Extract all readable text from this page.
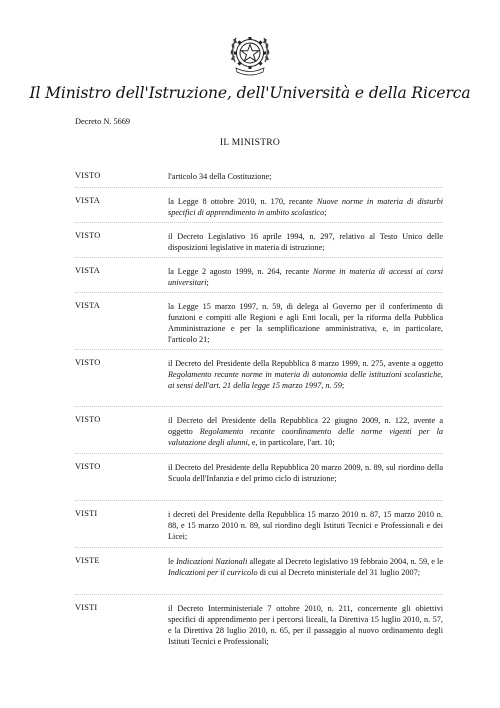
Il Ministro dell'Istruzione, dell'Università e della Ricerca
Decreto N. 5669
IL MINISTRO
VISTO	l'articolo 34 della Costituzione;
VISTA	la Legge 8 ottobre 2010, n. 170, recante Nuove norme in materia di disturbi specifici di apprendimento in ambito scolastico;
VISTO	il Decreto Legislativo 16 aprile 1994, n. 297, relativo al Testo Unico delle disposizioni legislative in materia di istruzione;
VISTA	la Legge 2 agosto 1999, n. 264, recante Norme in materia di accessi ai corsi universitari;
VISTA	la Legge 15 marzo 1997, n. 59, di delega al Governo per il conferimento di funzioni e compiti alle Regioni e agli Enti locali, per la riforma della Pubblica Amministrazione e per la semplificazione amministrativa, e, in particolare, l'articolo 21;
VISTO	il Decreto del Presidente della Repubblica 8 marzo 1999, n. 275, avente a oggetto Regolamento recante norme in materia di autonomia delle istituzioni scolastiche, ai sensi dell'art. 21 della legge 15 marzo 1997, n. 59;
VISTO	il Decreto del Presidente della Repubblica 22 giugno 2009, n. 122, avente a oggetto Regolamento recante coordinamento delle norme vigenti per la valutazione degli alunni, e, in particolare, l'art. 10;
VISTO	il Decreto del Presidente della Repubblica 20 marzo 2009, n. 89, sul riordino della Scuola dell'Infanzia e del primo ciclo di istruzione;
VISTI	i decreti del Presidente della Repubblica 15 marzo 2010 n. 87, 15 marzo 2010 n. 88, e 15 marzo 2010 n. 89, sul riordino degli Istituti Tecnici e Professionali e dei Licei;
VISTE	le Indicazioni Nazionali allegate al Decreto legislativo 19 febbraio 2004, n. 59, e le Indicazioni per il curricolo di cui al Decreto ministeriale del 31 luglio 2007;
VISTI	il Decreto Interministeriale 7 ottobre 2010, n. 211, concernente gli obiettivi specifici di apprendimento per i percorsi liceali, la Direttiva 15 luglio 2010, n. 57, e la Direttiva 28 luglio 2010, n. 65, per il passaggio al nuovo ordinamento degli Istituti Tecnici e Professionali;
